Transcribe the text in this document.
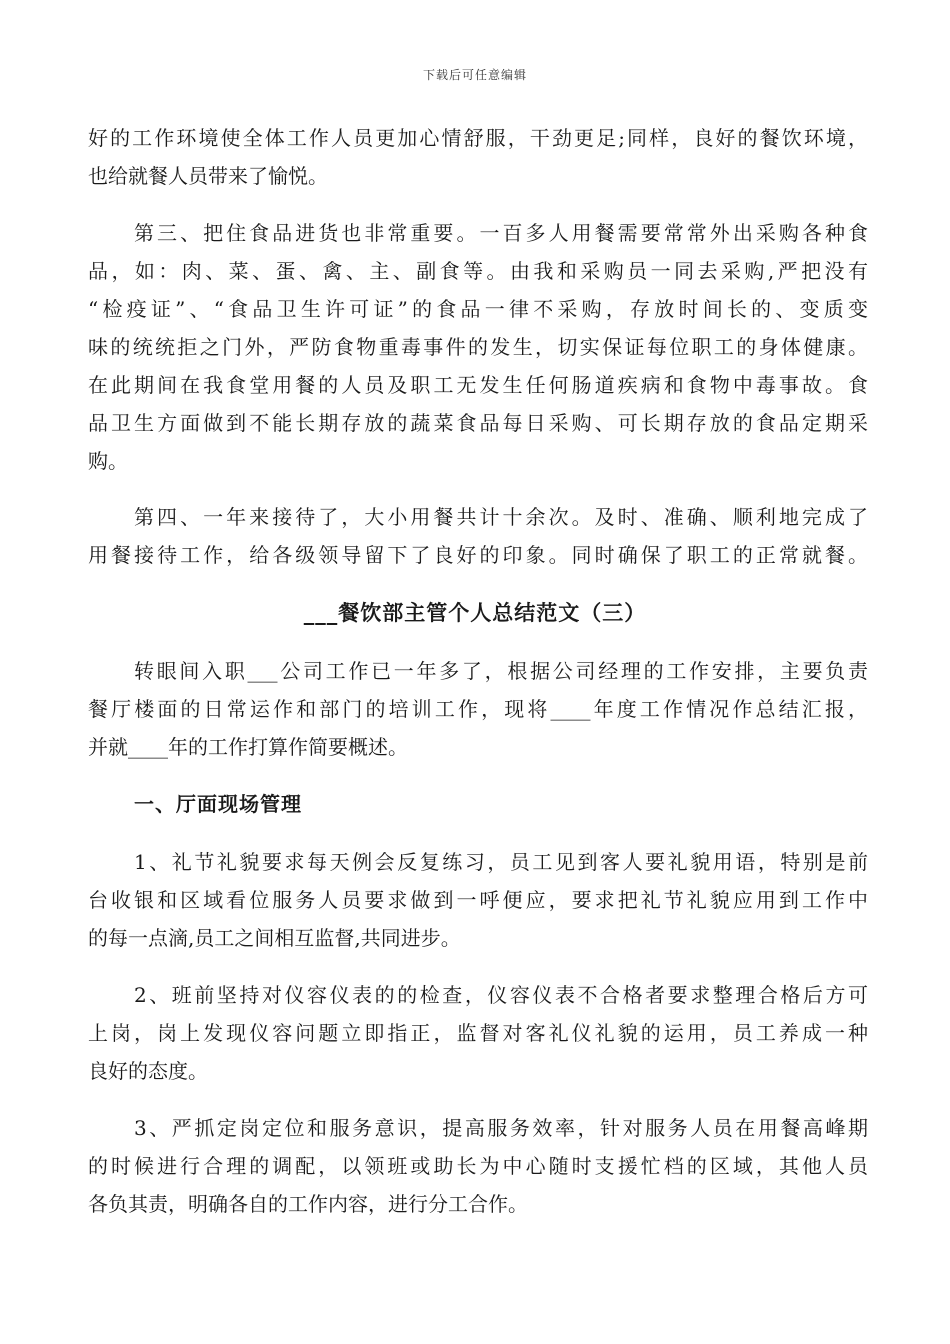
下载后可任意编辑
好的工作环境使全体工作人员更加心情舒服，干劲更足;同样，良好的餐饮环境，
也给就餐人员带来了愉悦。
第三、把住食品进货也非常重要。一百多人用餐需要常常外出采购各种食
品，如：肉、菜、蛋、禽、主、副食等。由我和采购员一同去采购,严把没有
“检疫证”、“食品卫生许可证”的食品一律不采购，存放时间长的、变质变
味的统统拒之门外，严防食物重毒事件的发生，切实保证每位职工的身体健康。
在此期间在我食堂用餐的人员及职工无发生任何肠道疾病和食物中毒事故。食
品卫生方面做到不能长期存放的蔬菜食品每日采购、可长期存放的食品定期采
购。
第四、一年来接待了，大小用餐共计十余次。及时、准确、顺利地完成了
用餐接待工作，给各级领导留下了良好的印象。同时确保了职工的正常就餐。
___餐饮部主管个人总结范文（三）
转眼间入职___公司工作已一年多了，根据公司经理的工作安排，主要负责
餐厅楼面的日常运作和部门的培训工作，现将____年度工作情况作总结汇报，
并就____年的工作打算作简要概述。
一、厅面现场管理
1、礼节礼貌要求每天例会反复练习，员工见到客人要礼貌用语，特别是前
台收银和区域看位服务人员要求做到一呼便应，要求把礼节礼貌应用到工作中
的每一点滴,员工之间相互监督,共同进步。
2、班前坚持对仪容仪表的的检查，仪容仪表不合格者要求整理合格后方可
上岗，岗上发现仪容问题立即指正，监督对客礼仪礼貌的运用，员工养成一种
良好的态度。
3、严抓定岗定位和服务意识，提高服务效率，针对服务人员在用餐高峰期
的时候进行合理的调配，以领班或助长为中心随时支援忙档的区域，其他人员
各负其责，明确各自的工作内容，进行分工合作。
